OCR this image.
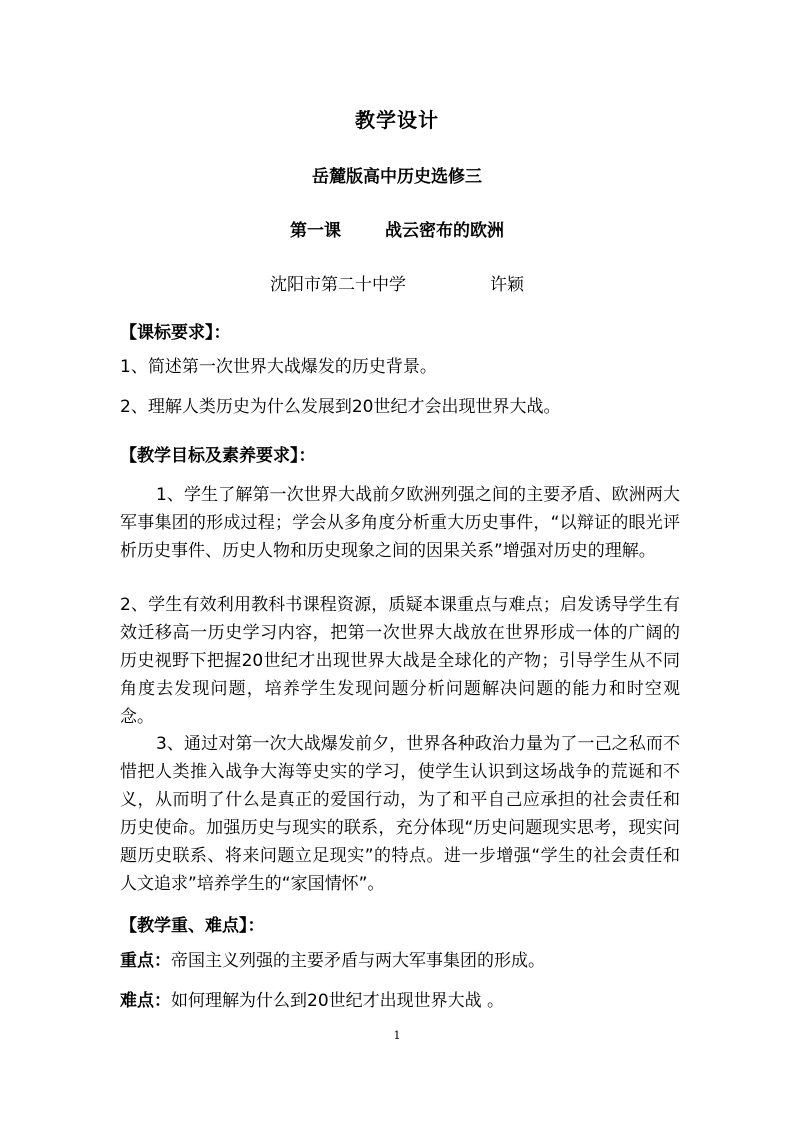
教学设计
岳麓版高中历史选修三
第一课	战云密布的欧洲
沈阳市第二十中学	许颖
【课标要求】：
1、简述第一次世界大战爆发的历史背景。
2、理解人类历史为什么发展到20世纪才会出现世界大战。
【教学目标及素养要求】：
1、学生了解第一次世界大战前夕欧洲列强之间的主要矛盾、欧洲两大军事集团的形成过程；学会从多角度分析重大历史事件，“以辩证的眼光评析历史事件、历史人物和历史现象之间的因果关系”增强对历史的理解。
2、学生有效利用教科书课程资源，质疑本课重点与难点；启发诱导学生有效迁移高一历史学习内容，把第一次世界大战放在世界形成一体的广阔的历史视野下把握20世纪才出现世界大战是全球化的产物；引导学生从不同角度去发现问题，培养学生发现问题分析问题解决问题的能力和时空观念。
3、通过对第一次大战爆发前夕，世界各种政治力量为了一己之私而不惜把人类推入战争大海等史实的学习，使学生认识到这场战争的荒诞和不义，从而明了什么是真正的爱国行动，为了和平自己应承担的社会责任和历史使命。加强历史与现实的联系，充分体现“历史问题现实思考，现实问题历史联系、将来问题立足现实”的特点。进一步增强“学生的社会责任和人文追求”培养学生的“家国情怀”。
【教学重、难点】：
重点：帝国主义列强的主要矛盾与两大军事集团的形成。
难点：如何理解为什么到20世纪才出现世界大战 。
1
